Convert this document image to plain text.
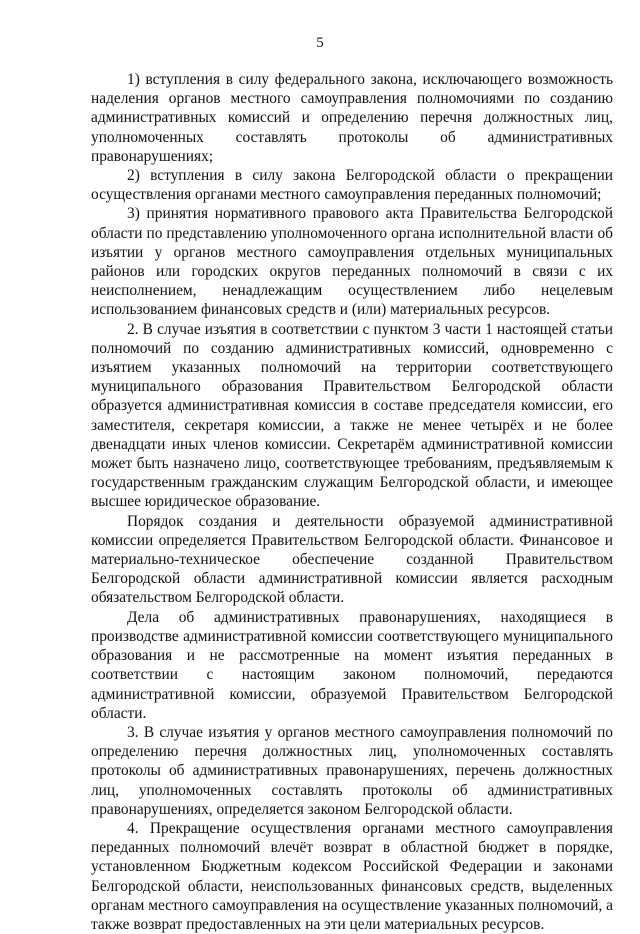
5

1) вступления в силу федерального закона, исключающего возможность наделения органов местного самоуправления полномочиями по созданию административных комиссий и определению перечня должностных лиц, уполномоченных составлять протоколы об административных правонарушениях;

2) вступления в силу закона Белгородской области о прекращении осуществления органами местного самоуправления переданных полномочий;

3) принятия нормативного правового акта Правительства Белгородской области по представлению уполномоченного органа исполнительной власти об изъятии у органов местного самоуправления отдельных муниципальных районов или городских округов переданных полномочий в связи с их неисполнением, ненадлежащим осуществлением либо нецелевым использованием финансовых средств и (или) материальных ресурсов.

2. В случае изъятия в соответствии с пунктом 3 части 1 настоящей статьи полномочий по созданию административных комиссий, одновременно с изъятием указанных полномочий на территории соответствующего муниципального образования Правительством Белгородской области образуется административная комиссия в составе председателя комиссии, его заместителя, секретаря комиссии, а также не менее четырёх и не более двенадцати иных членов комиссии. Секретарём административной комиссии может быть назначено лицо, соответствующее требованиям, предъявляемым к государственным гражданским служащим Белгородской области, и имеющее высшее юридическое образование.

Порядок создания и деятельности образуемой административной комиссии определяется Правительством Белгородской области. Финансовое и материально-техническое обеспечение созданной Правительством Белгородской области административной комиссии является расходным обязательством Белгородской области.

Дела об административных правонарушениях, находящиеся в производстве административной комиссии соответствующего муниципального образования и не рассмотренные на момент изъятия переданных в соответствии с настоящим законом полномочий, передаются административной комиссии, образуемой Правительством Белгородской области.

3. В случае изъятия у органов местного самоуправления полномочий по определению перечня должностных лиц, уполномоченных составлять протоколы об административных правонарушениях, перечень должностных лиц, уполномоченных составлять протоколы об административных правонарушениях, определяется законом Белгородской области.

4. Прекращение осуществления органами местного самоуправления переданных полномочий влечёт возврат в областной бюджет в порядке, установленном Бюджетным кодексом Российской Федерации и законами Белгородской области, неиспользованных финансовых средств, выделенных органам местного самоуправления на осуществление указанных полномочий, а также возврат предоставленных на эти цели материальных ресурсов.
